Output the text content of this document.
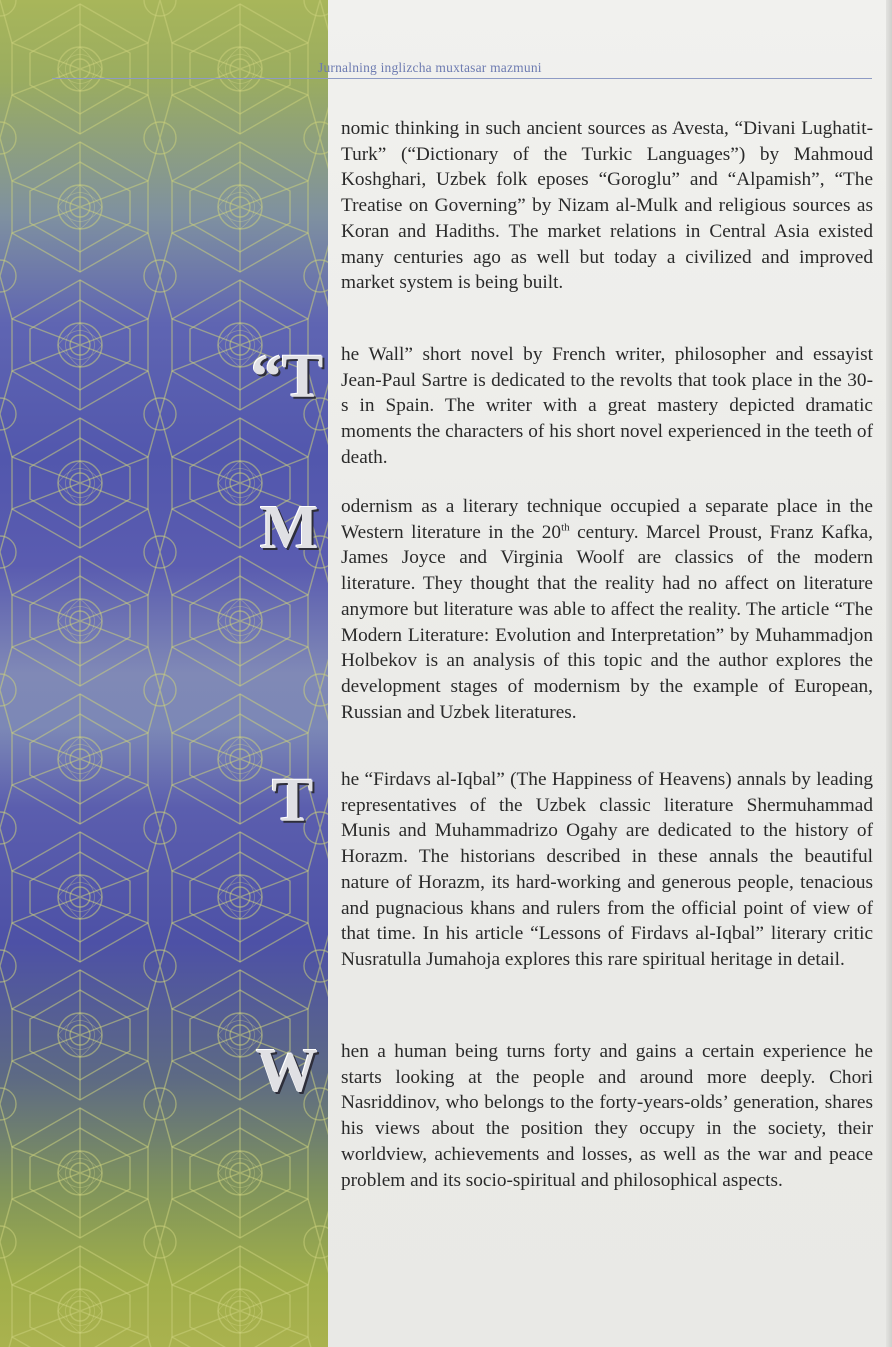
Jurnalning inglizcha muxtasar mazmuni

nomic thinking in such ancient sources as Avesta, “Divani Lughatit-Turk” (“Dictionary of the Turkic Languages”) by Mahmoud Koshghari, Uzbek folk eposes “Goroglu” and “Alpamish”, “The Treatise on Governing” by Nizam al-Mulk and religious sources as Koran and Hadiths. The market relations in Central Asia existed many centuries ago as well but today a civilized and improved market system is being built.

“T he Wall” short novel by French writer, philosopher and essayist Jean-Paul Sartre is dedicated to the revolts that took place in the 30-s in Spain. The writer with a great mastery depicted dramatic moments the characters of his short novel experienced in the teeth of death.

M odernism as a literary technique occupied a separate place in the Western literature in the 20th century. Marcel Proust, Franz Kafka, James Joyce and Virginia Woolf are classics of the modern literature. They thought that the reality had no affect on literature anymore but literature was able to affect the reality. The article “The Modern Literature: Evolution and Interpretation” by Muhammadjon Holbekov is an analysis of this topic and the author explores the development stages of modernism by the example of European, Russian and Uzbek literatures.

T he “Firdavs al-Iqbal” (The Happiness of Heavens) annals by leading representatives of the Uzbek classic literature Shermuhammad Munis and Muhammadrizo Ogahy are dedicated to the history of Horazm. The historians described in these annals the beautiful nature of Horazm, its hard-working and generous people, tenacious and pugnacious khans and rulers from the official point of view of that time. In his article “Lessons of Firdavs al-Iqbal” literary critic Nusratulla Jumahoja explores this rare spiritual heritage in detail.

W hen a human being turns forty and gains a certain experience he starts looking at the people and around more deeply. Chori Nasriddinov, who belongs to the forty-years-olds’ generation, shares his views about the position they occupy in the society, their worldview, achievements and losses, as well as the war and peace problem and its socio-spiritual and philosophical aspects.
